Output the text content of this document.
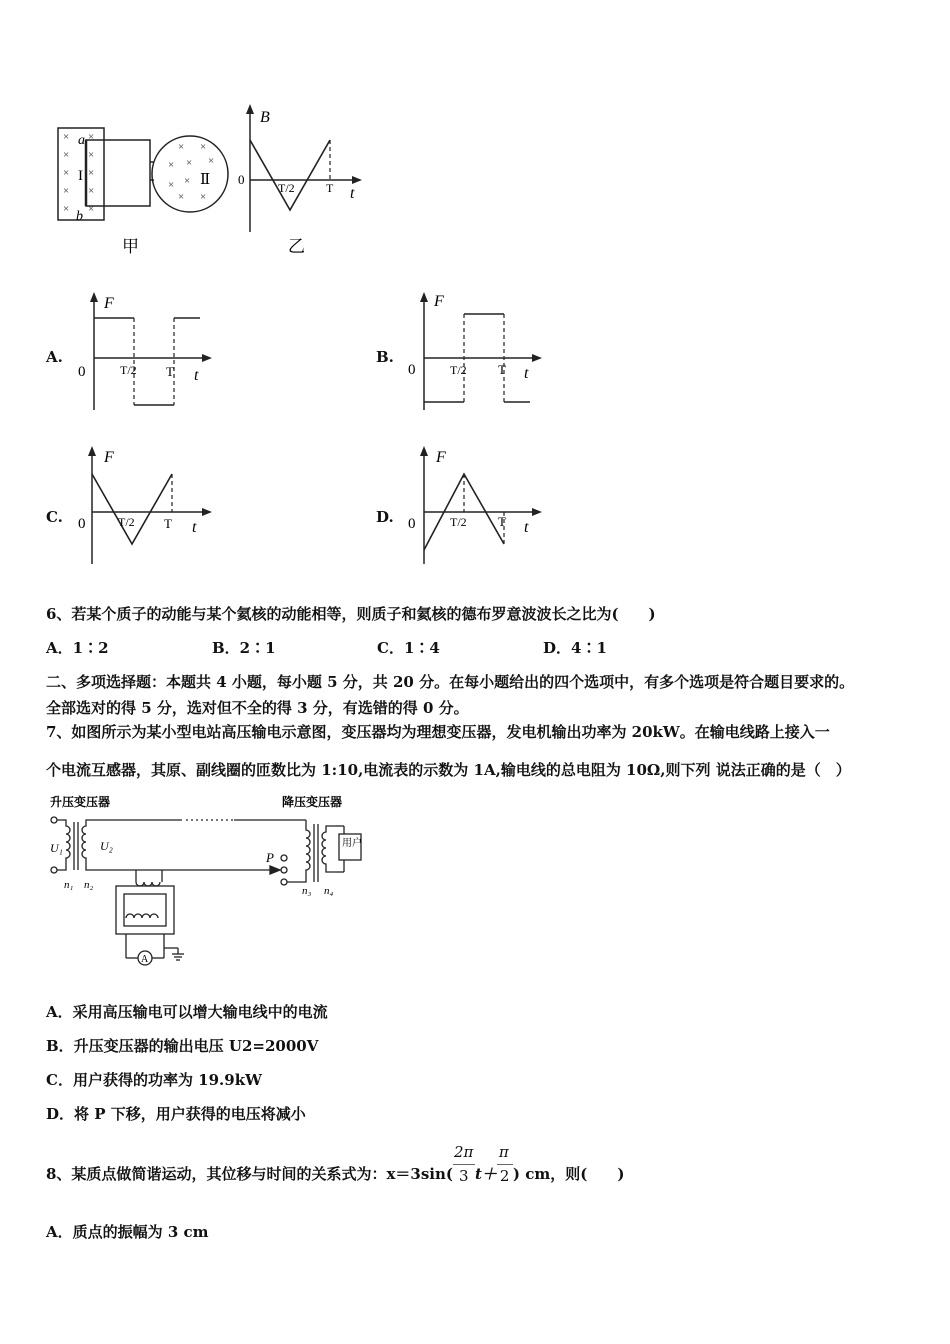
×
×
×
×
×
×
×
×
×
×
× ×
× × ×
× ×
× ×
a
b
I	Ⅱ
甲
B
t
0
T/2	T
乙
A.
F
0	T/2 T t
B.
F
0	T/2 T t
C.
F
0	T/2 T t
D.
F
0	T/2 T t
6、若某个质子的动能与某个氦核的动能相等，则质子和氦核的德布罗意波波长之比为(　　)
A．1∶2	B．2∶1	C．1∶4	D．4∶1
二、多项选择题：本题共 4 小题，每小题 5 分，共 20 分。在每小题给出的四个选项中，有多个选项是符合题目要求的。
全部选对的得 5 分，选对但不全的得 3 分，有选错的得 0 分。
7、如图所示为某小型电站高压输电示意图，变压器均为理想变压器，发电机输出功率为 20kW。在输电线路上接入一
个电流互感器，其原、副线圈的匝数比为 1:10,电流表的示数为 1A,输电线的总电阻为 10Ω,则下列 说法正确的是（　）
升压变压器	降压变压器
U₁	U₂
n₁ n₂
P
用户
n₃ n₄
A
A．采用高压输电可以增大输电线中的电流
B．升压变压器的输出电压 U2=2000V
C．用户获得的功率为 19.9kW
D．将 P 下移，用户获得的电压将减小
8、某质点做简谐运动，其位移与时间的关系式为：$x=3\sin( \frac{2\pi}{3} t+ \frac{\pi}{2}$ ) cm，则(　　)
A．质点的振幅为 3 cm
